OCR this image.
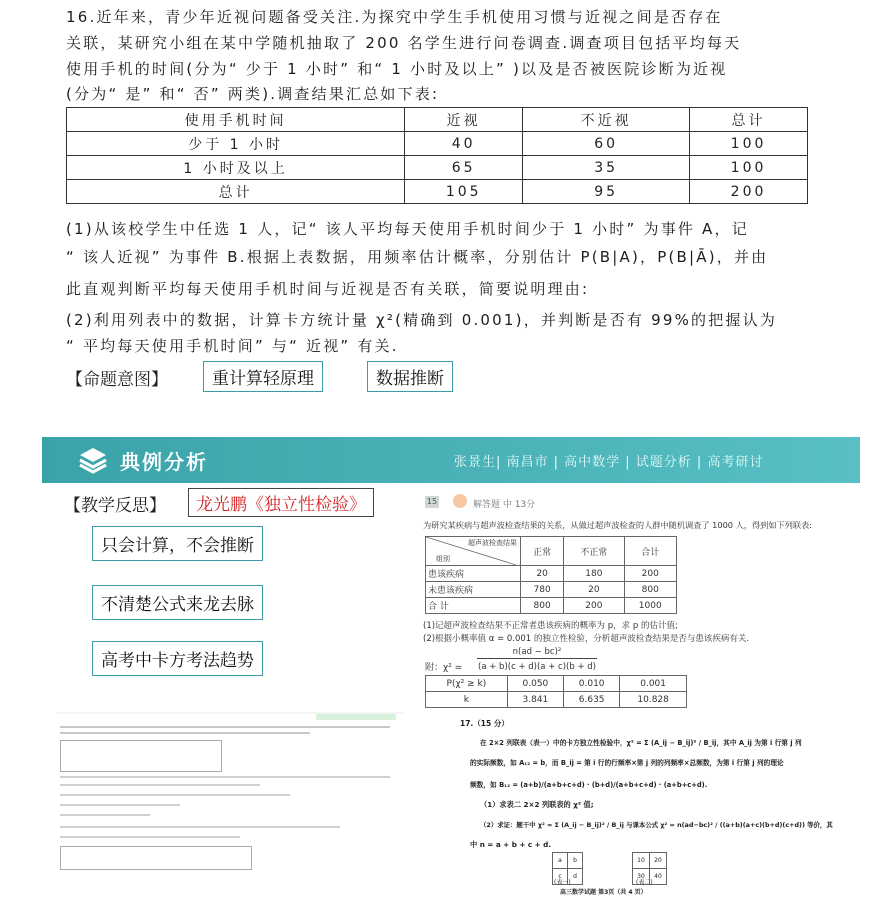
16.近年来，青少年近视问题备受关注.为探究中学生手机使用习惯与近视之间是否存在
关联，某研究小组在某中学随机抽取了 200 名学生进行问卷调查.调查项目包括平均每天
使用手机的时间(分为“ 少于 1 小时” 和“ 1 小时及以上” )以及是否被医院诊断为近视
(分为“ 是” 和“ 否” 两类).调查结果汇总如下表:
使用手机时间	近视	不近视	总计
少于 1 小时	40	60	100
1 小时及以上	65	35	100
总计	105	95	200
(1)从该校学生中任选 1 人，记“ 该人平均每天使用手机时间少于 1 小时” 为事件 A，记
“ 该人近视” 为事件 B.根据上表数据，用频率估计概率，分别估计 P(B|A)，P(B|Ā)，并由
此直观判断平均每天使用手机时间与近视是否有关联，简要说明理由:
(2)利用列表中的数据，计算卡方统计量 χ²(精确到 0.001)，并判断是否有 99%的把握认为
“ 平均每天使用手机时间” 与“ 近视” 有关.
【命题意图】	重计算轻原理	数据推断
典例分析	张景生| 南昌市 | 高中数学 | 试题分析 | 高考研讨
【教学反思】	龙光鹏《独立性检验》
只会计算，不会推断
不清楚公式来龙去脉
高考中卡方考法趋势
15	解答题 中 13分
为研究某疾病与超声波检查结果的关系，从做过超声波检查的人群中随机调查了 1000 人，得到如下列联表:
超声波检查结果
组别	正常	不正常	合计
患该疾病	20	180	200
未患该疾病	780	20	800
合 计	800	200	1000
(1)记超声波检查结果不正常者患该疾病的概率为 p，求 p 的估计值;
(2)根据小概率值 α = 0.001 的独立性检验，分析超声波检查结果是否与患该疾病有关.
附：χ² =
n(ad − bc)²
(a + b)(c + d)(a + c)(b + d)
P(χ² ≥ k)	0.050	0.010	0.001
k	3.841	6.635	10.828
17.（15 分）
在 2×2 列联表（表一）中的卡方独立性检验中，χ² = Σ (A_ij − B_ij)² / B_ij，其中 A_ij 为第 i 行第 j 列
的实际频数，如 A₁₂ = b，而 B_ij = 第 i 行的行频率×第 j 列的列频率×总频数，为第 i 行第 j 列的理论
频数，如 B₁₂ = (a+b)/(a+b+c+d) · (b+d)/(a+b+c+d) · (a+b+c+d).
（1）求表二 2×2 列联表的 χ² 值;
（2）求证：题干中 χ² = Σ (A_ij − B_ij)² / B_ij 与课本公式 χ² = n(ad−bc)² / ((a+b)(a+c)(b+d)(c+d)) 等价，其
中 n = a + b + c + d.
a	b
c	d
10	20
30	40
(表一)	(表二)
高三数学试题 第3页（共 4 页）
